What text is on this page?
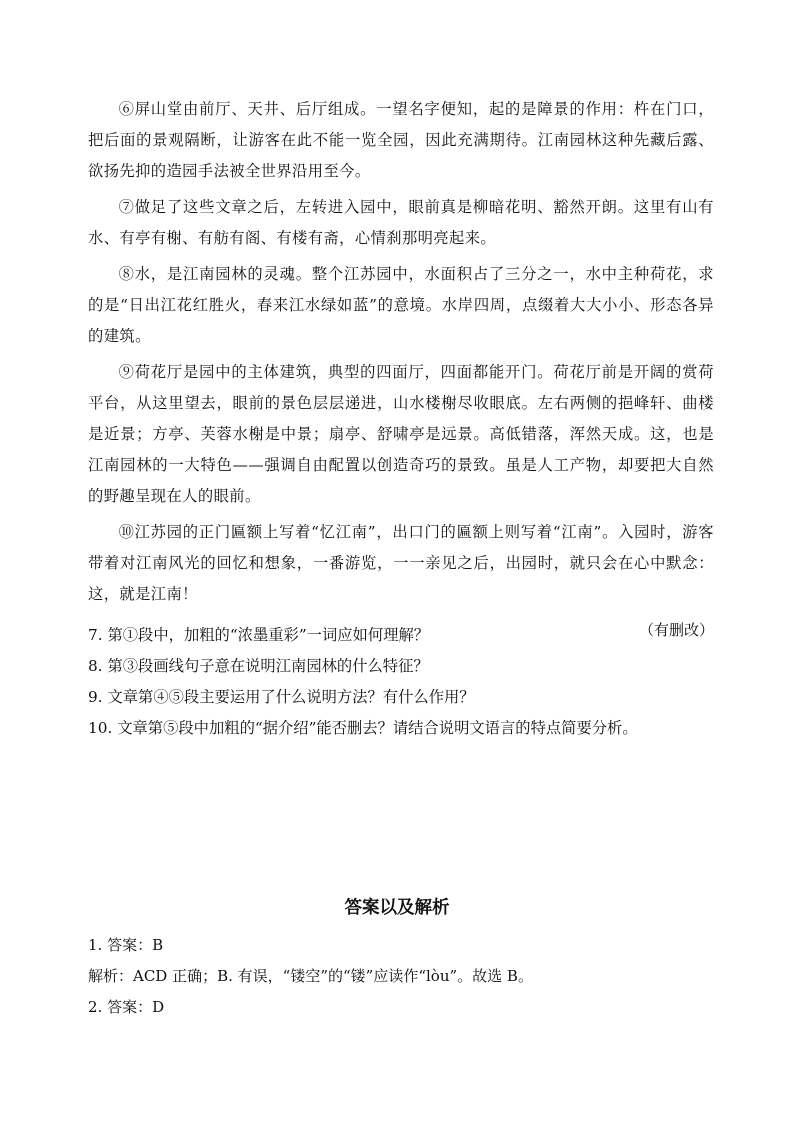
⑥屏山堂由前厅、天井、后厅组成。一望名字便知，起的是障景的作用：杵在门口，把后面的景观隔断，让游客在此不能一览全园，因此充满期待。江南园林这种先藏后露、欲扬先抑的造园手法被全世界沿用至今。

⑦做足了这些文章之后，左转进入园中，眼前真是柳暗花明、豁然开朗。这里有山有水、有亭有榭、有舫有阁、有楼有斋，心情刹那明亮起来。

⑧水，是江南园林的灵魂。整个江苏园中，水面积占了三分之一，水中主种荷花，求的是“日出江花红胜火，春来江水绿如蓝”的意境。水岸四周，点缀着大大小小、形态各异的建筑。

⑨荷花厅是园中的主体建筑，典型的四面厅，四面都能开门。荷花厅前是开阔的赏荷平台，从这里望去，眼前的景色层层递进，山水楼榭尽收眼底。左右两侧的挹峰轩、曲楼是近景；方亭、芙蓉水榭是中景；扇亭、舒啸亭是远景。高低错落，浑然天成。这，也是江南园林的一大特色——强调自由配置以创造奇巧的景致。虽是人工产物，却要把大自然的野趣呈现在人的眼前。

⑩江苏园的正门匾额上写着“忆江南”，出口门的匾额上则写着“江南”。入园时，游客带着对江南风光的回忆和想象，一番游览，一一亲见之后，出园时，就只会在心中默念：这，就是江南！

（有删改）

7. 第①段中，加粗的“浓墨重彩”一词应如何理解？

8. 第③段画线句子意在说明江南园林的什么特征？

9. 文章第④⑤段主要运用了什么说明方法？有什么作用？

10. 文章第⑤段中加粗的“据介绍”能否删去？请结合说明文语言的特点简要分析。

答案以及解析

1. 答案：B

解析：ACD 正确；B. 有误，“镂空”的“镂”应读作“lòu”。故选 B。

2. 答案：D
